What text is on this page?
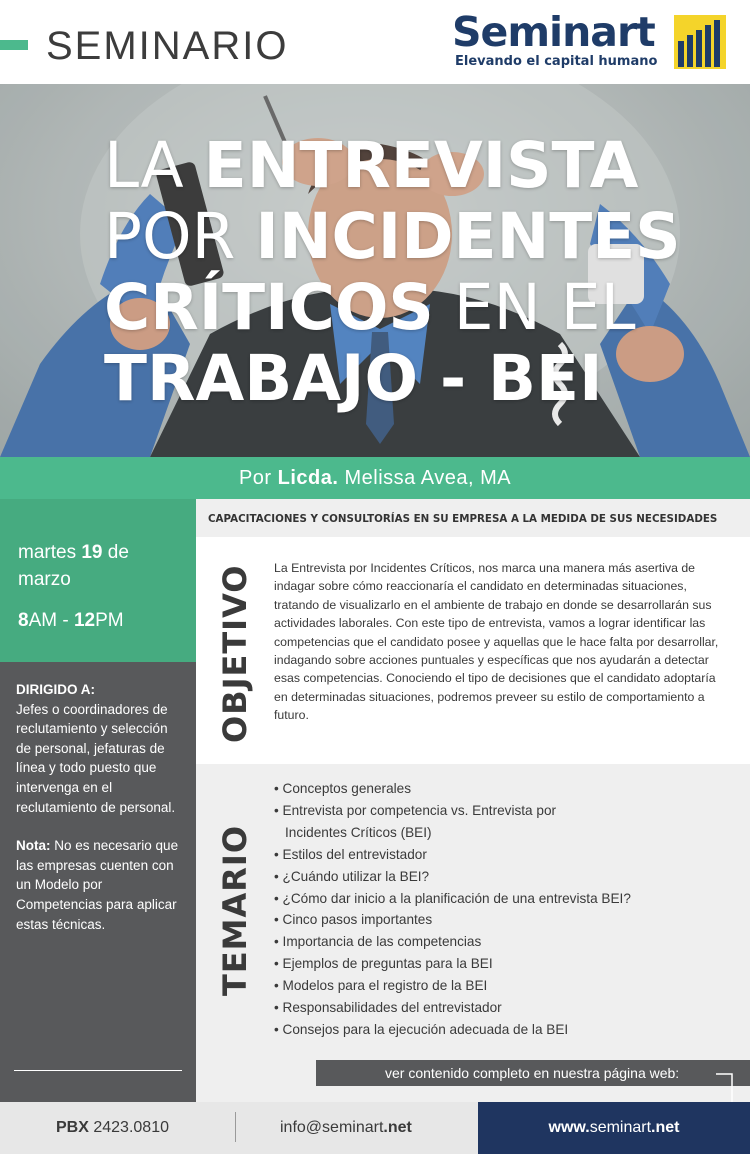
SEMINARIO	Seminart
Elevando el capital humano
LA ENTREVISTA
POR INCIDENTES
CRÍTICOS EN EL
TRABAJO - BEI
Por Licda. Melissa Avea, MA
martes 19 de
marzo
8AM - 12PM
DIRIGIDO A:
Jefes o coordinadores de reclutamiento y selección de personal, jefaturas de línea y todo puesto que intervenga en el reclutamiento de personal.
Nota: No es necesario que las empresas cuenten con un Modelo por Competencias para aplicar estas técnicas.
CAPACITACIONES Y CONSULTORÍAS EN SU EMPRESA A LA MEDIDA DE SUS NECESIDADES
OBJETIVO La Entrevista por Incidentes Críticos, nos marca una manera más asertiva de indagar sobre cómo reaccionaría el candidato en determinadas situaciones, tratando de visualizarlo en el ambiente de trabajo en donde se desarrollarán sus actividades laborales. Con este tipo de entrevista, vamos a lograr identificar las competencias que el candidato posee y aquellas que le hace falta por desarrollar, indagando sobre acciones puntuales y específicas que nos ayudarán a detectar esas competencias. Conociendo el tipo de decisiones que el candidato adoptaría en determinadas situaciones, podremos preveer su estilo de comportamiento a futuro.

TEMARIO
• Conceptos generales
• Entrevista por competencia vs. Entrevista por
Incidentes Críticos (BEI)
• Estilos del entrevistador
• ¿Cuándo utilizar la BEI?
• ¿Cómo dar inicio a la planificación de una entrevista BEI?
• Cinco pasos importantes
• Importancia de las competencias
• Ejemplos de preguntas para la BEI
• Modelos para el registro de la BEI
• Responsabilidades del entrevistador
• Consejos para la ejecución adecuada de la BEI
ver contenido completo en nuestra página web:
PBX 2423.0810	info@seminart.net	www.seminart.net
